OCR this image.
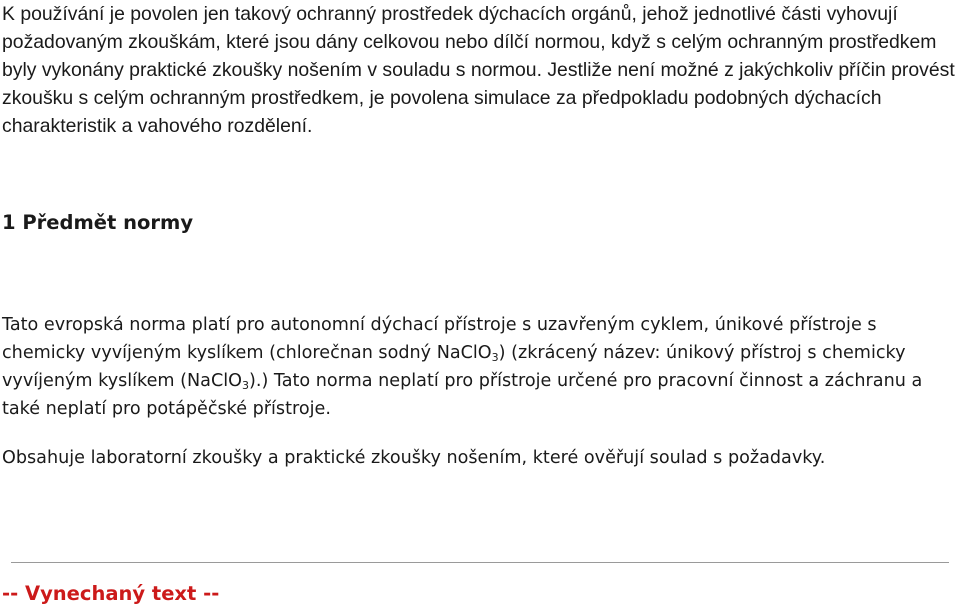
K používání je povolen jen takový ochranný prostředek dýchacích orgánů, jehož jednotlivé části vyhovují požadovaným zkouškám, které jsou dány celkovou nebo dílčí normou, když s celým ochranným prostředkem byly vykonány praktické zkoušky nošením v souladu s normou. Jestliže není možné z jakýchkoliv příčin provést zkoušku s celým ochranným prostředkem, je povolena simulace za předpokladu podobných dýchacích charakteristik a vahového rozdělení.

1 Předmět normy

Tato evropská norma platí pro autonomní dýchací přístroje s uzavřeným cyklem, únikové přístroje s chemicky vyvíjeným kyslíkem (chlorečnan sodný NaClO$_3$) (zkrácený název: únikový přístroj s chemicky vyvíjeným kyslíkem (NaClO$_3$).) Tato norma neplatí pro přístroje určené pro pracovní činnost a záchranu a také neplatí pro potápěčské přístroje.

Obsahuje laboratorní zkoušky a praktické zkoušky nošením, které ověřují soulad s požadavky.

-- Vynechaný text --
